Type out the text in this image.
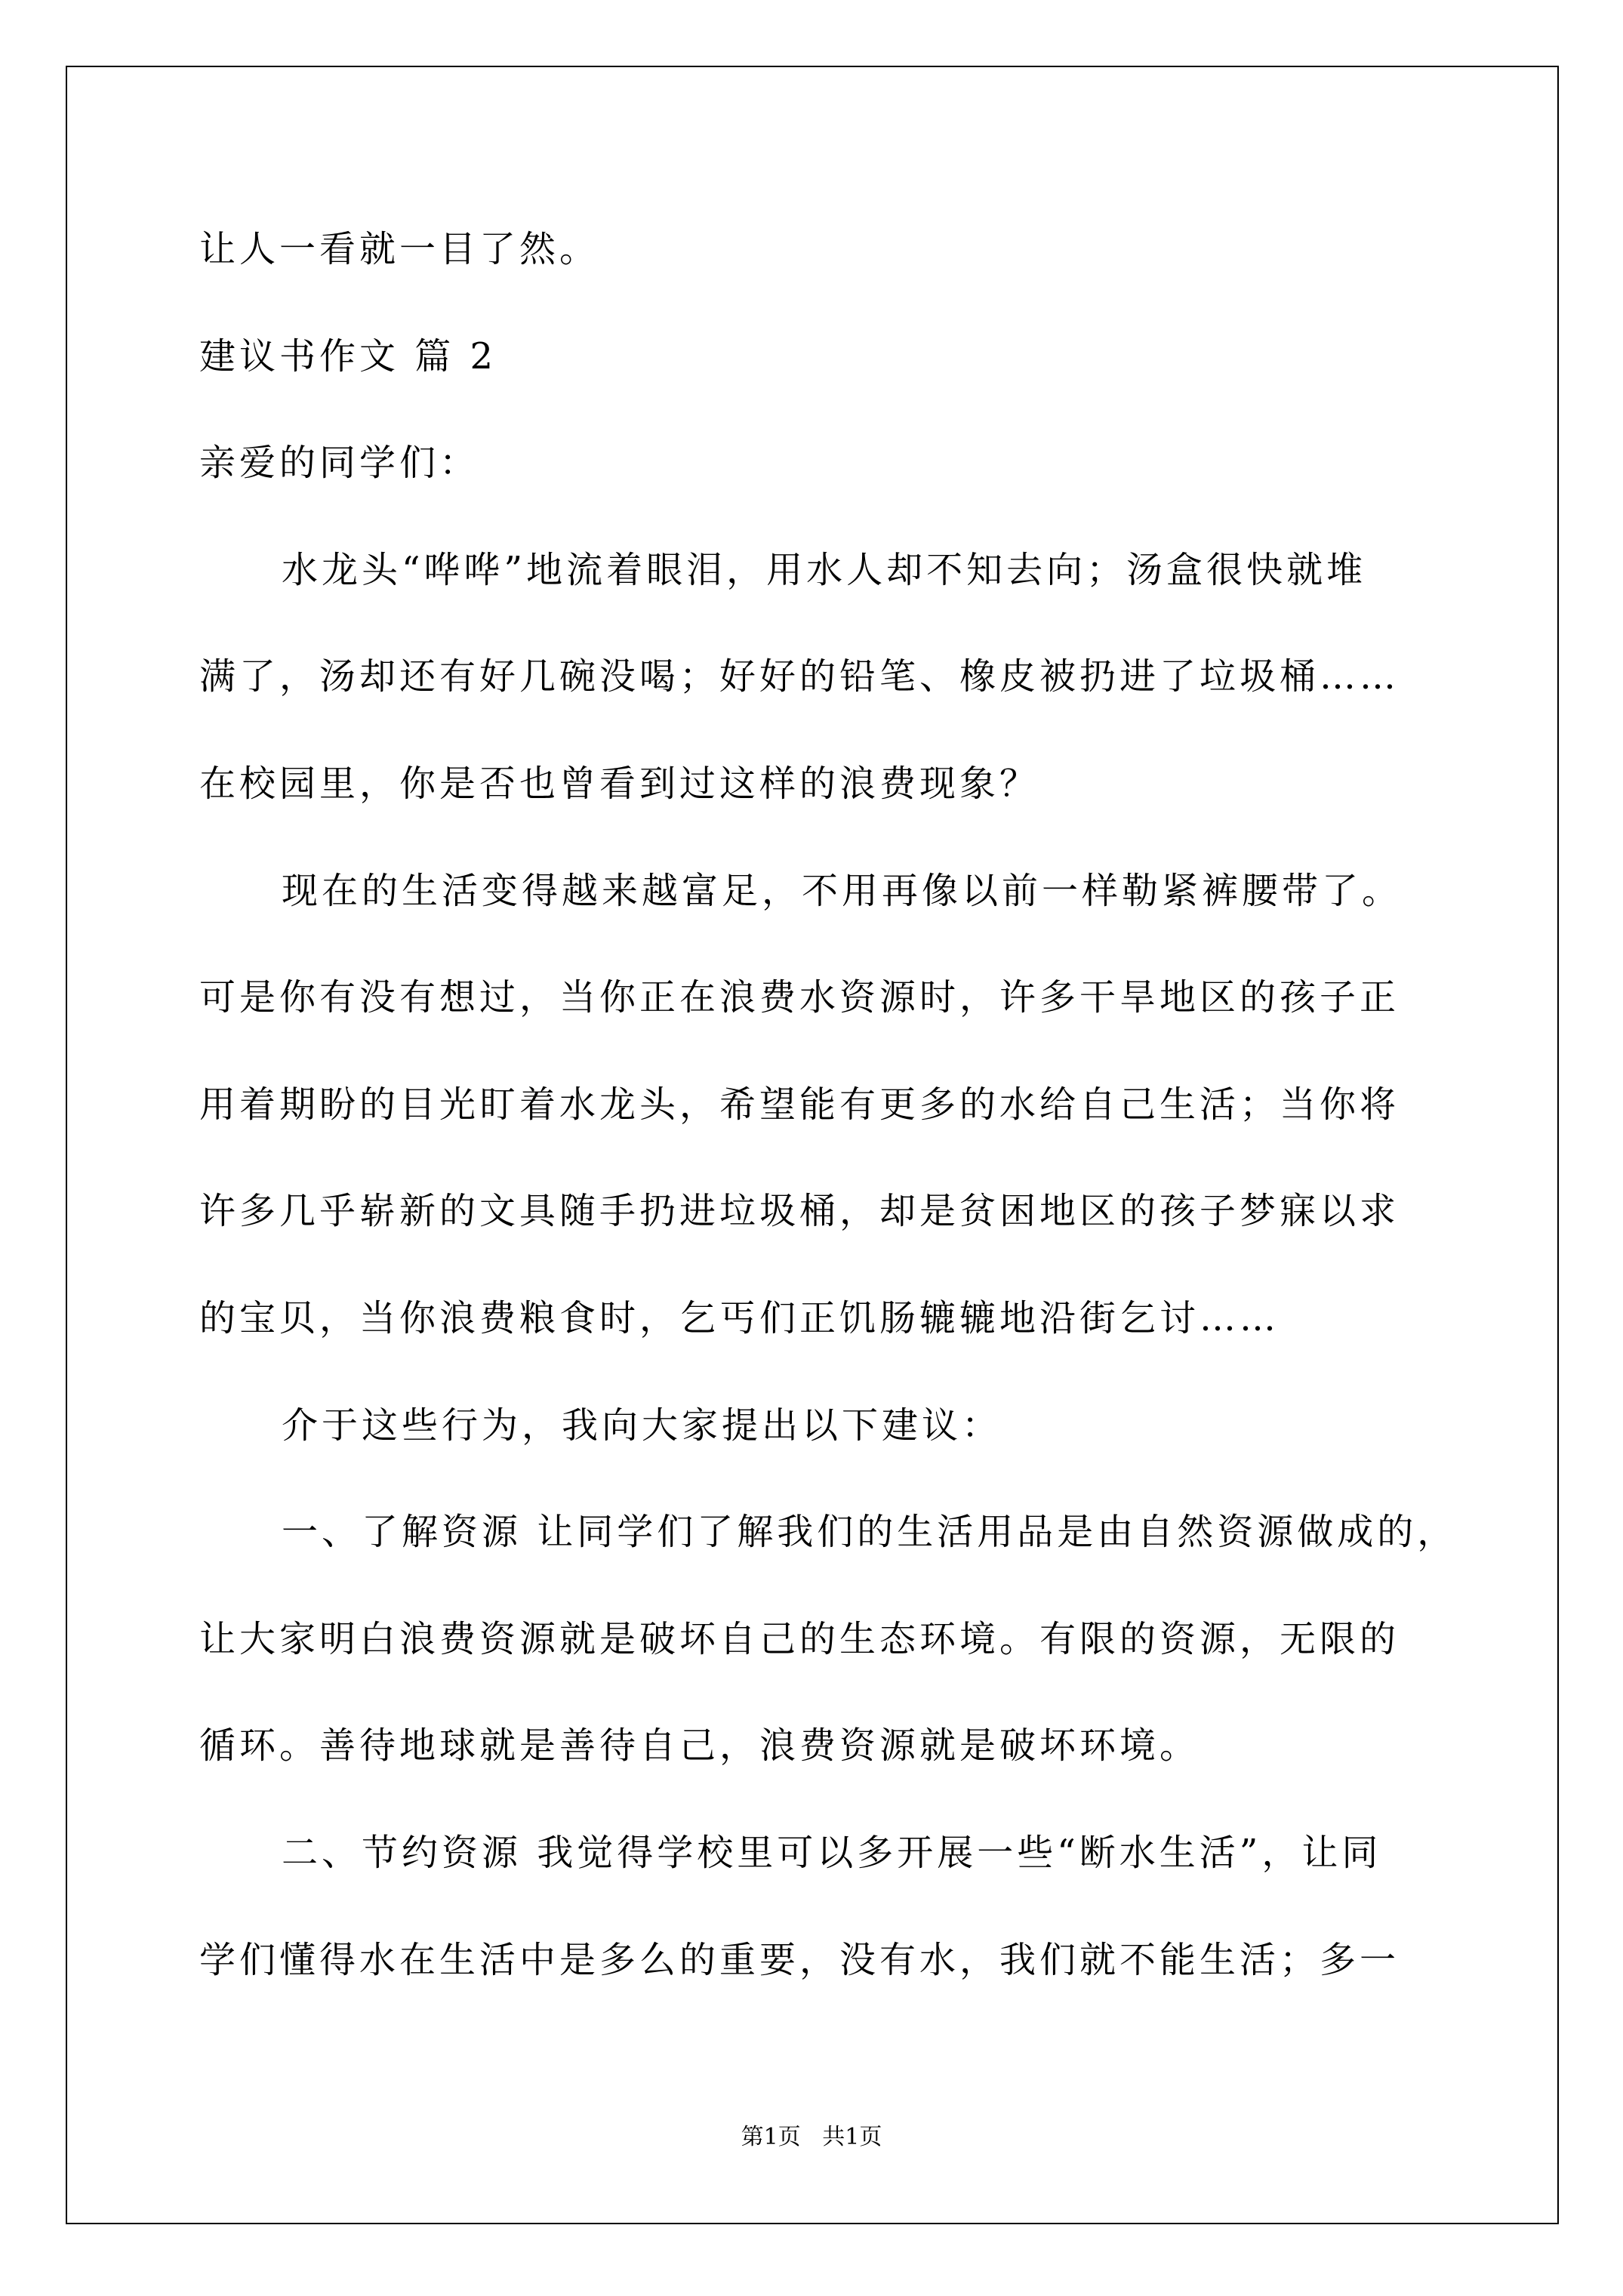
让人一看就一目了然。

建议书作文 篇 2

亲爱的同学们：

水龙头“哗哗”地流着眼泪，用水人却不知去向；汤盒很快就堆

满了，汤却还有好几碗没喝；好好的铅笔、橡皮被扔进了垃圾桶……

在校园里，你是否也曾看到过这样的浪费现象？

现在的生活变得越来越富足，不用再像以前一样勒紧裤腰带了。

可是你有没有想过，当你正在浪费水资源时，许多干旱地区的孩子正

用着期盼的目光盯着水龙头，希望能有更多的水给自己生活；当你将

许多几乎崭新的文具随手扔进垃圾桶，却是贫困地区的孩子梦寐以求

的宝贝，当你浪费粮食时，乞丐们正饥肠辘辘地沿街乞讨……

介于这些行为，我向大家提出以下建议：

一、了解资源 让同学们了解我们的生活用品是由自然资源做成的，

让大家明白浪费资源就是破坏自己的生态环境。有限的资源，无限的

循环。善待地球就是善待自己，浪费资源就是破坏环境。

二、节约资源 我觉得学校里可以多开展一些“断水生活”，让同

学们懂得水在生活中是多么的重要，没有水，我们就不能生活；多一

第1页   共1页
